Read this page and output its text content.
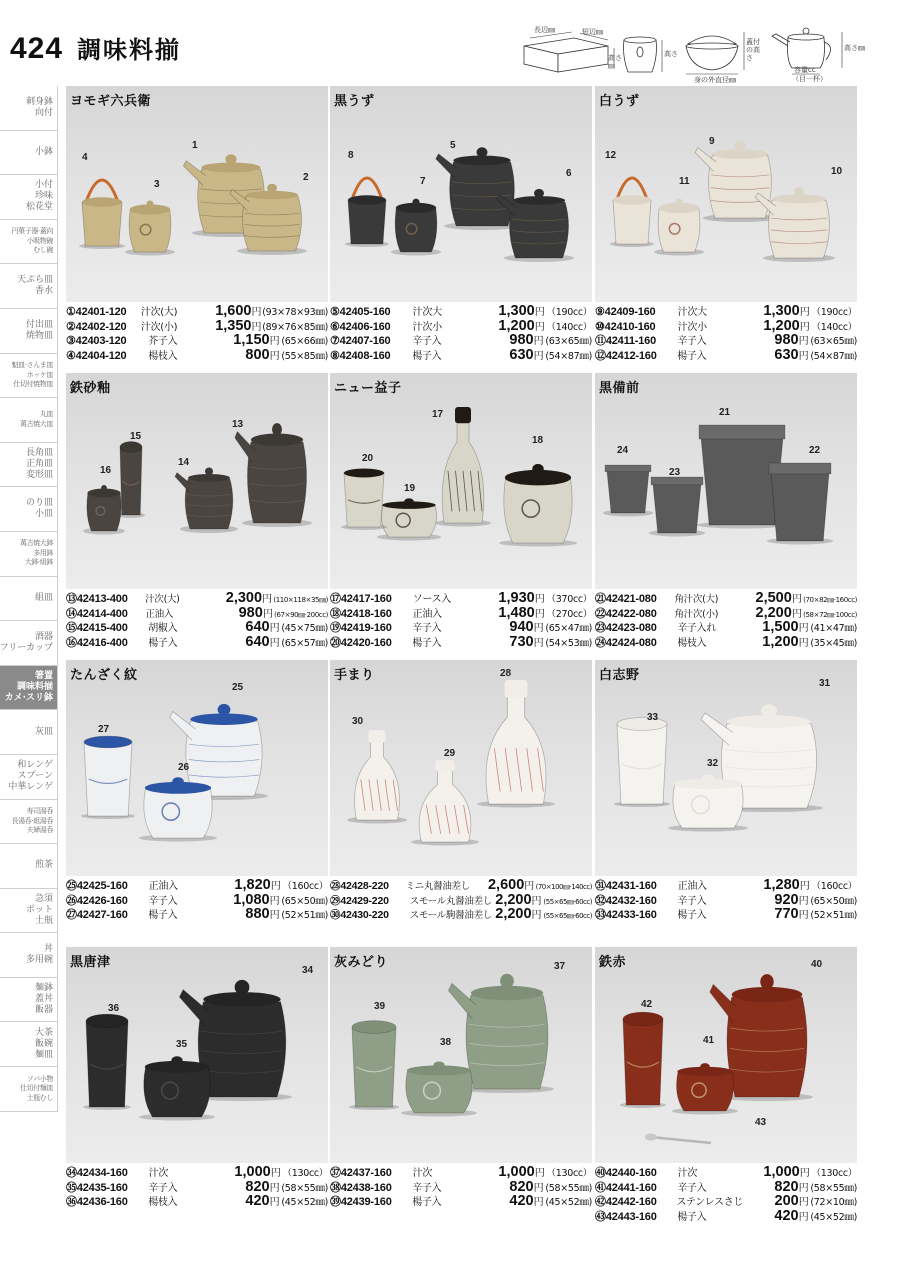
424 調味料揃
長辺㎜	短辺㎜
高さ㎜
高さ
蓋付の高さ
身の外直径㎜
高さ㎜
容量cc
（目一杯）
刺身鉢
向付
小鉢
小付
珍味
松花堂
円菓子器·蓋向
小吸物碗
むし碗
天ぷら皿
香水
付出皿
焼物皿
魁皿·さんま皿
ホッケ皿
仕切付焼物皿
丸皿
萬古焼大皿
長角皿
正角皿
変形皿
のり皿
小皿
萬古焼大鉢
多用鉢
大鉢·組鉢
組皿
酒器
フリーカップ
箸置
調味料揃
カメ·スリ鉢
灰皿
和レンゲ
スプーン
中華レンゲ
寿司湯呑
長湯呑·組湯呑
夫婦湯呑
煎茶
急須
ポット
土瓶
丼
多用碗
麺鉢
蓋丼
飯器
大茶
飯碗
麺皿
ソバ小物
仕切付麺皿
土瓶むし
ヨモギ六兵衛
1
2
3
4
①42401-120	汁次(大)	1,600 円 (93×78×93㎜)
②42402-120	汁次(小)	1,350 円 (89×76×85㎜)
③42403-120	芥子入	1,150 円 (65×66㎜)
④42404-120	楊枝入	800 円 (55×85㎜)
黒うず
5
6
7
8
⑤42405-160	汁次大	1,300 円 （190cc）
⑥42406-160	汁次小	1,200 円 （140cc）
⑦42407-160	辛子入	980 円 (63×65㎜)
⑧42408-160	楊子入	630 円 (54×87㎜)
白うず
9
10
11
12
⑨42409-160	汁次大	1,300 円 （190cc）
⑩42410-160	汁次小	1,200 円 （140cc）
⑪42411-160	辛子入	980 円 (63×65㎜)
⑫42412-160	楊子入	630 円 (54×87㎜)
鉄砂釉
13
14
15
16
⑬42413-400	汁次(大)	2,300 円 (110×118×35㎜)
⑭42414-400	正油入	980 円 (67×90㎜·200cc)
⑮42415-400	胡椒入	640 円 (45×75㎜)
⑯42416-400	楊子入	640 円 (65×57㎜)
ニュー益子
17
18
19
20
⑰42417-160	ソース入	1,930 円 （370cc）
⑱42418-160	正油入	1,480 円 （270cc）
⑲42419-160	辛子入	940 円 (65×47㎜)
⑳42420-160	楊子入	730 円 (54×53㎜)
黒備前
21
22
23
24
㉑42421-080	角汁次(大)	2,500 円 (70×82㎜·160cc)
㉒42422-080	角汁次(小)	2,200 円 (58×72㎜·100cc)
㉓42423-080	辛子入れ	1,500 円 (41×47㎜)
㉔42424-080	楊枝入	1,200 円 (35×45㎜)
たんざく紋
25
26
27
㉕42425-160	正油入	1,820 円 （160cc）
㉖42426-160	辛子入	1,080 円 (65×50㎜)
㉗42427-160	楊子入	880 円 (52×51㎜)
手まり	28
29
30
㉘42428-220	ミニ丸醤油差し	2,600 円 (70×100㎜·140cc)
㉙42429-220	スモール丸醤油差し 2,200 円 (55×65㎜·60cc)
㉚42430-220	スモール駒醤油差し 2,200 円 (55×65㎜·60cc)
白志野
31
32
33
㉛42431-160	正油入	1,280 円 （160cc）
㉜42432-160	辛子入	920 円 (65×50㎜)
㉝42433-160	楊子入	770 円 (52×51㎜)
黒唐津
34
35
36
㉞42434-160	汁次	1,000 円 （130cc）
㉟42435-160	辛子入	820 円 (58×55㎜)
㊱42436-160	楊枝入	420 円 (45×52㎜)
灰みどり	37
38
39
㊲42437-160	汁次	1,000 円 （130cc）
㊳42438-160	辛子入	820 円 (58×55㎜)
㊴42439-160	楊子入	420 円 (45×52㎜)
鉄赤	40
41
42
43
㊵42440-160	汁次	1,000 円 （130cc）
㊶42441-160	辛子入	820 円 (58×55㎜)
㊷42442-160	ステンレスさじ	200 円 (72×10㎜)
㊸42443-160	楊子入	420 円 (45×52㎜)
